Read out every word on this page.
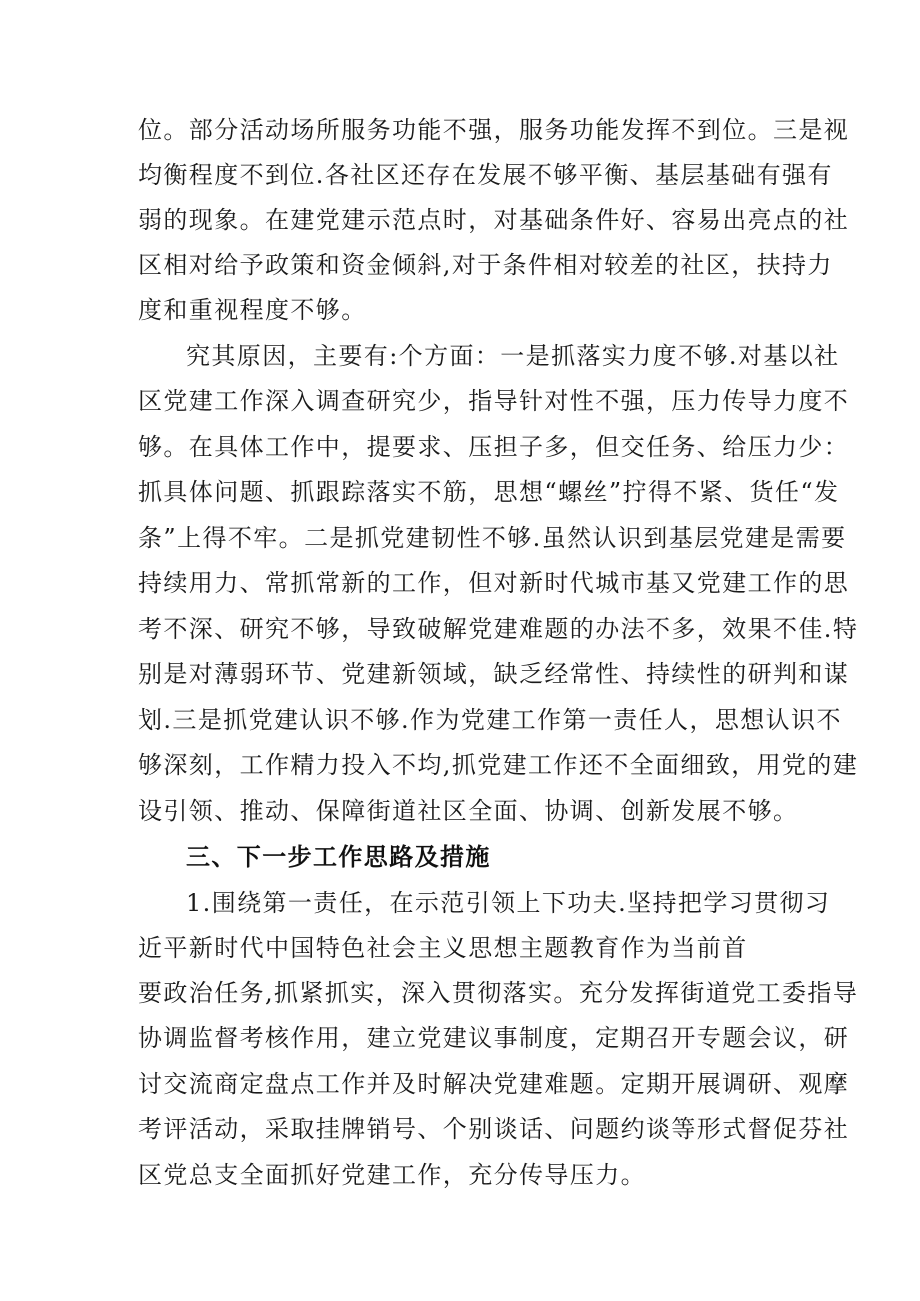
位。部分活动场所服务功能不强，服务功能发挥不到位。三是视

均衡程度不到位.各社区还存在发展不够平衡、基层基础有强有

弱的现象。在建党建示范点时，对基础条件好、容易出亮点的社

区相对给予政策和资金倾斜,对于条件相对较差的社区，扶持力

度和重视程度不够。

究其原因，主要有:个方面：一是抓落实力度不够.对基以社

区党建工作深入调查研究少，指导针对性不强，压力传导力度不

够。在具体工作中，提要求、压担子多，但交任务、给压力少：

抓具体问题、抓跟踪落实不筋，思想“螺丝”拧得不紧、货任“发

条”上得不牢。二是抓党建韧性不够.虽然认识到基层党建是需要

持续用力、常抓常新的工作，但对新时代城市基又党建工作的思

考不深、研究不够，导致破解党建难题的办法不多，效果不佳.特

别是对薄弱环节、党建新领域，缺乏经常性、持续性的研判和谋

划.三是抓党建认识不够.作为党建工作第一责任人，思想认识不

够深刻，工作精力投入不均,抓党建工作还不全面细致，用党的建

设引领、推动、保障街道社区全面、协调、创新发展不够。

三、下一步工作思路及措施

1.围绕第一责任，在示范引领上下功夫.坚持把学习贯彻习

近平新时代中国特色社会主义思想主题教育作为当前首

要政治任务,抓紧抓实，深入贯彻落实。充分发挥街道党工委指导

协调监督考核作用，建立党建议事制度，定期召开专题会议，研

讨交流商定盘点工作并及时解决党建难题。定期开展调研、观摩

考评活动，采取挂牌销号、个别谈话、问题约谈等形式督促芬社

区党总支全面抓好党建工作，充分传导压力。
